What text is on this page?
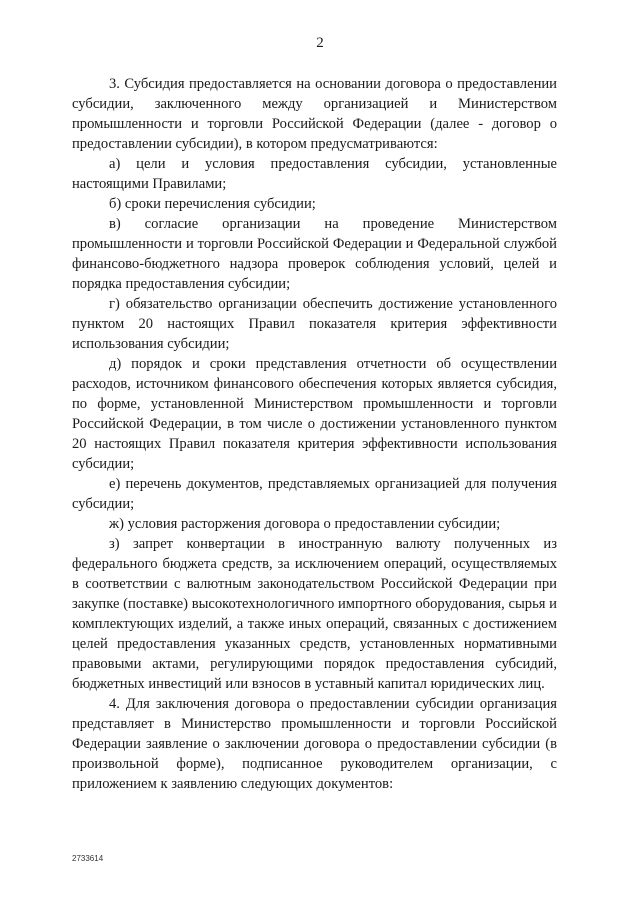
2

3. Субсидия предоставляется на основании договора о предоставлении субсидии, заключенного между организацией и Министерством промышленности и торговли Российской Федерации (далее - договор о предоставлении субсидии), в котором предусматриваются:

а) цели и условия предоставления субсидии, установленные настоящими Правилами;

б) сроки перечисления субсидии;

в) согласие организации на проведение Министерством промышленности и торговли Российской Федерации и Федеральной службой финансово-бюджетного надзора проверок соблюдения условий, целей и порядка предоставления субсидии;

г) обязательство организации обеспечить достижение установленного пунктом 20 настоящих Правил показателя критерия эффективности использования субсидии;

д) порядок и сроки представления отчетности об осуществлении расходов, источником финансового обеспечения которых является субсидия, по форме, установленной Министерством промышленности и торговли Российской Федерации, в том числе о достижении установленного пунктом 20 настоящих Правил показателя критерия эффективности использования субсидии;

е) перечень документов, представляемых организацией для получения субсидии;

ж) условия расторжения договора о предоставлении субсидии;

з) запрет конвертации в иностранную валюту полученных из федерального бюджета средств, за исключением операций, осуществляемых в соответствии с валютным законодательством Российской Федерации при закупке (поставке) высокотехнологичного импортного оборудования, сырья и комплектующих изделий, а также иных операций, связанных с достижением целей предоставления указанных средств, установленных нормативными правовыми актами, регулирующими порядок предоставления субсидий, бюджетных инвестиций или взносов в уставный капитал юридических лиц.

4. Для заключения договора о предоставлении субсидии организация представляет в Министерство промышленности и торговли Российской Федерации заявление о заключении договора о предоставлении субсидии (в произвольной форме), подписанное руководителем организации, с приложением к заявлению следующих документов:

2733614
